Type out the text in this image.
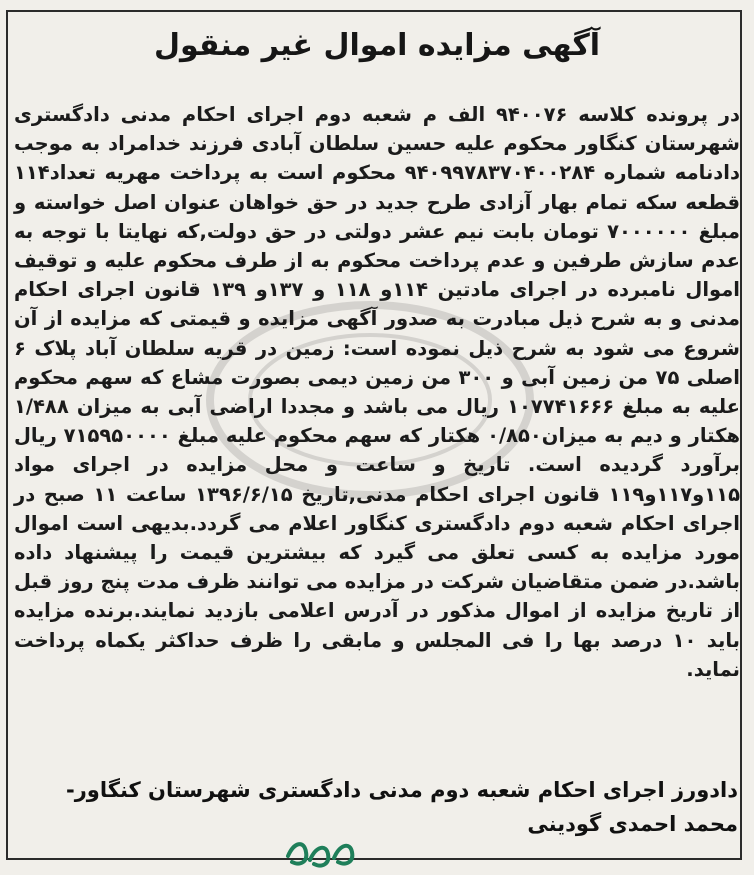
آگهی مزایده اموال غیر منقول

در پرونده کلاسه ۹۴۰۰۷۶ الف م شعبه دوم اجرای احکام مدنی دادگستری شهرستان کنگاور محکوم علیه حسین سلطان آبادی فرزند خدامراد به موجب دادنامه شماره ۹۴۰۹۹۷۸۳۷۰۴۰۰۲۸۴ محکوم است به پرداخت مهریه تعداد۱۱۴ قطعه سکه تمام بهار آزادی طرح جدید در حق خواهان عنوان اصل خواسته و مبلغ ۷۰۰۰۰۰۰ تومان بابت نیم عشر دولتی در حق دولت,که نهایتا با توجه به عدم سازش طرفین و عدم پرداخت محکوم به از طرف محکوم علیه و توقیف اموال نامبرده در اجرای مادتین ۱۱۴و ۱۱۸ و ۱۳۷و ۱۳۹ قانون اجرای احکام مدنی و به شرح ذیل مبادرت به صدور آگهی مزایده و قیمتی که مزایده از آن شروع می شود به شرح ذیل نموده است: زمین در قریه سلطان آباد پلاک ۶ اصلی ۷۵ من زمین آبی و ۳۰۰ من زمین دیمی بصورت مشاع که سهم محکوم علیه به مبلغ ۱۰۷۷۴۱۶۶۶ ریال می باشد و مجددا اراضی آبی به میزان ۱/۴۸۸ هکتار و دیم به میزان۰/۸۵۰ هکتار که سهم محکوم علیه مبلغ ۷۱۵۹۵۰۰۰۰ ریال برآورد گردیده است. تاریخ و ساعت و محل مزایده در اجرای مواد ۱۱۵و۱۱۷و۱۱۹ قانون اجرای احکام مدنی,تاریخ ۱۳۹۶/۶/۱۵ ساعت ۱۱ صبح در اجرای احکام شعبه دوم دادگستری کنگاور اعلام می گردد.بدیهی است اموال مورد مزایده به کسی تعلق می گیرد که بیشترین قیمت را پیشنهاد داده باشد.در ضمن متقاضیان شرکت در مزایده می توانند ظرف مدت پنج روز قبل از تاریخ مزایده از اموال مذکور در آدرس اعلامی بازدید نمایند.برنده مزایده باید ۱۰ درصد بها را فی المجلس و مابقی را ظرف حداکثر یکماه پرداخت نماید.

دادورز اجرای احکام شعبه دوم مدنی دادگستری شهرستان کنگاور-

محمد احمدی گودینی
